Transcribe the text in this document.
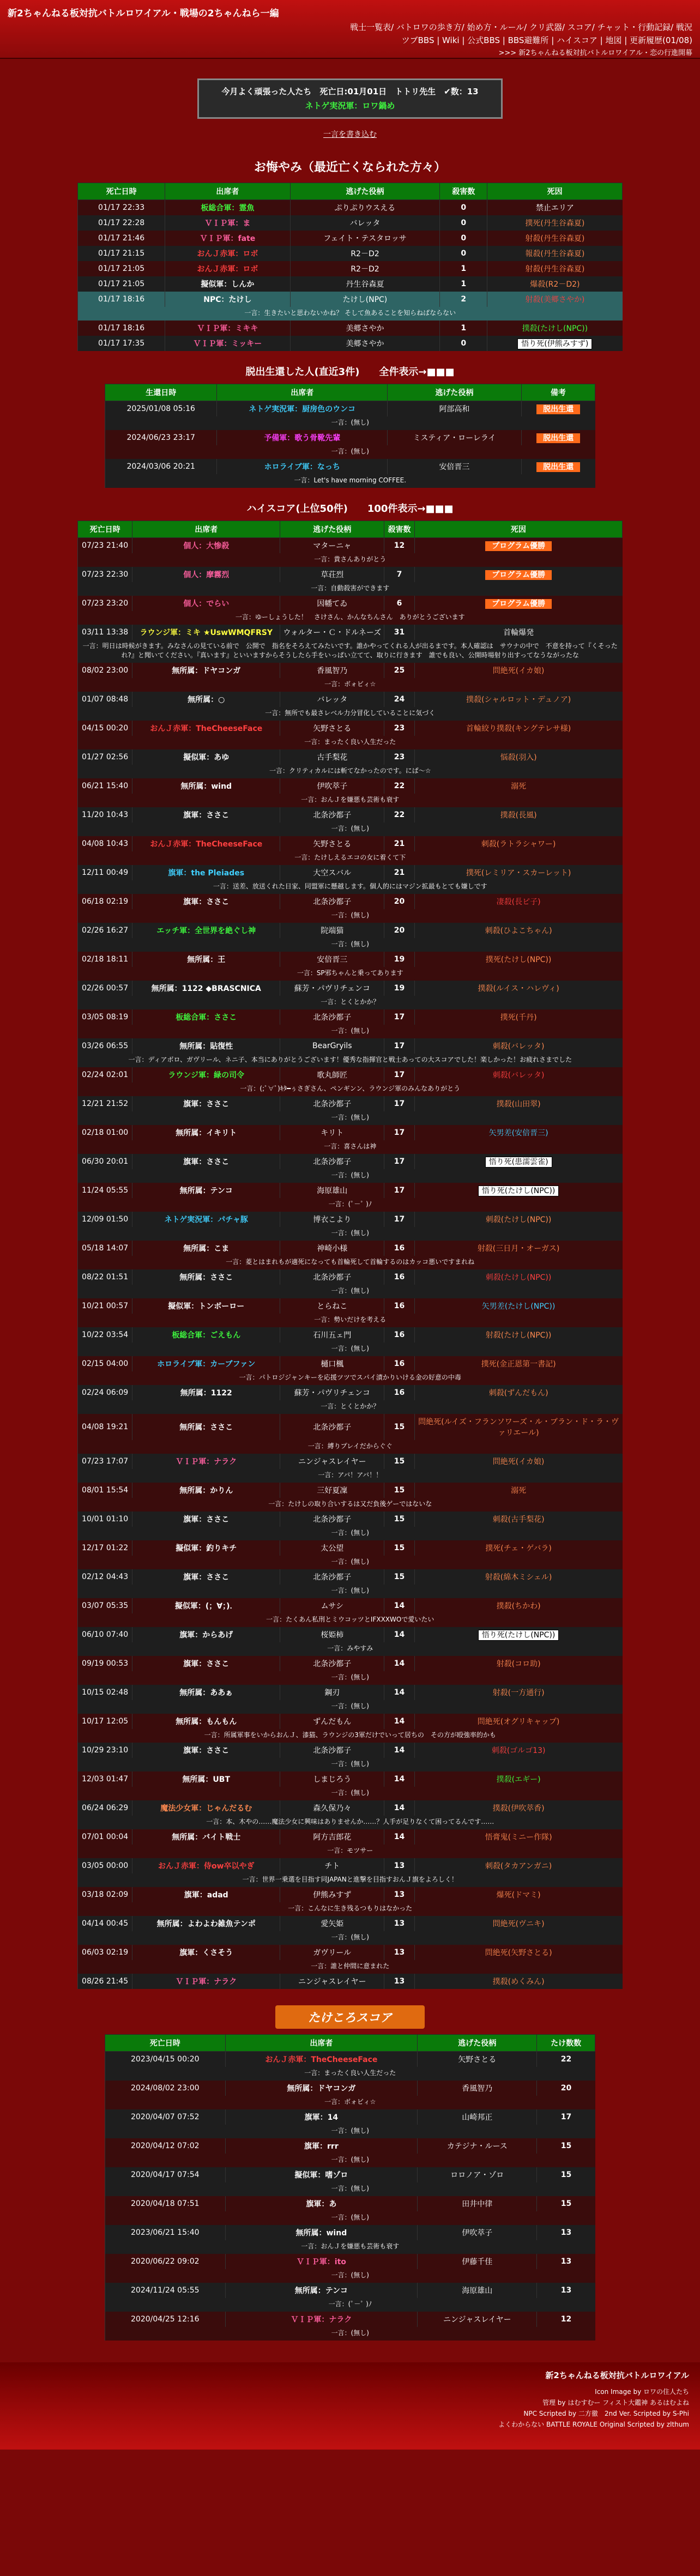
新2ちゃんねる板対抗バトルロワイアル・戦場の2ちゃんねら一編
戦士一覧表/ バトロワの歩き方/ 始め方・ルール/ クリ武器/ スコア/ チャット・行動記録/ 戦況
ツブBBS | Wiki | 公式BBS | BBS避難所 | ハイスコア | 地図 | 更新履歴(01/08)
>>> 新2ちゃんねる板対抗バトルロワイアル・恋の行進開幕
今月よく頑張った人たち　死亡日:01月01日　トトリ先生　✔数：13
ネトゲ実況軍：ロワ鍋め
一言を書き込む
お悔やみ（最近亡くなられた方々）
死亡日時	出席者	逃げた役柄	殺害数	死因
01/17 22:33	板総合軍：霊魚	ぷりぷりウスえる	0	禁止エリア
01/17 22:28	ＶＩＰ軍：ま	バレッタ	0	撲死(丹生谷森夏)
01/17 21:46	ＶＩＰ軍：fate	フェイト・テスタロッサ	0	射殺(丹生谷森夏)
01/17 21:15	おんＪ赤軍：ロボ	R2－D2	0	報殺(丹生谷森夏)
01/17 21:05	おんＪ赤軍：ロボ	R2－D2	1	射殺(丹生谷森夏)
01/17 21:05	擬似軍：しんか	丹生谷森夏	1	爆殺(R2－D2)
01/17 18:16	NPC：たけし	たけし(NPC)	2	射殺(美郷さやか)
一言：生きたいと思わないかね？ そして魚あることを知らねばならない				
01/17 18:16	ＶＩＰ軍：ミキキ	美郷さやか	1	撲殺(たけし(NPC))
01/17 17:35	ＶＩＰ軍：ミッキー	美郷さやか	0	悟り死(伊熊みすず)
脱出生還した人(直近3件)　　全件表示→■■■
生還日時	出席者	逃げた役柄	備考
2025/01/08 05:16	ネトゲ実況軍：厨房色のウンコ	阿部高和	脱出生還
一言：(無し)			
2024/06/23 23:17	予備軍：歌う骨靴先輩	ミスティア・ローレライ	脱出生還
一言：(無し)			
2024/03/06 20:21	ホロライブ軍：なっち	安倍晋三	脱出生還
一言：Let's have morning COFFEE.			
ハイスコア(上位50件)　　100件表示→■■■
死亡日時	出席者	逃げた役柄	殺害数	死因
07/23 21:40	個人：大惨殺	マターニャ	12	プログラム優勝
一言：貴さんありがとう				
07/23 22:30	個人：摩霧烈	草荘烈	7	プログラム優勝
一言：自動殺害ができます				
07/23 23:20	個人：でらい	因幡てゐ	6	プログラム優勝
一言：ゆーしょうした！　さけさん、かんなちんさん　ありがとうございます				
03/11 13:38	ラウンジ軍：ミキ ★UswWMQFRSY	ウォルター・Ｃ・ドルネーズ	31	首輪爆発
一言：明日は時候がきます。みなさんの見ている前で　公開で　指名をそろえてみたいです。誰かやってくれる人が出るまです。本人確認は　サウナの中で　不意を持って『くそったれ?』と聞いてください。『真います』といいますからそうしたら手をいっぱい立てて、取りに行きます　誰でも良い、公開時場射り出すってなうながったな				
08/02 23:00	無所属：ドヤコンガ	香風智乃	25	問絶死(イカ娘)
一言：ボォビィ☆				
01/07 08:48	無所属：○	バレッタ	24	撲殺(シャルロット・デュノア)
一言：無所でも最さレベル力分冒化していることに気づく				
04/15 00:20	おんＪ赤軍：TheCheeseFace	矢野さとる	23	首輪絞り撲殺(キングテレサ様)
一言：まったく良い人生だった				
01/27 02:56	擬似軍：あゆ	古手梨花	23	悩殺(羽入)
一言：クリティカルには斬てなかったのです。にぱ～☆				
06/21 15:40	無所属：wind	伊吹萃子	22	溺死
一言：おんＪを嫌悪も芸術も衰す				
11/20 10:43	旗軍：ささこ	北条沙都子	22	撲殺(長風)
一言：(無し)				
04/08 10:43	おんＪ赤軍：TheCheeseFace	矢野さとる	21	刺殺(ラトラシャワー)
一言：たけしえるエコの女に着くて下				
12/11 00:49	旗軍：the Pleiades	大空スバル	21	撲死(レミリア・スカーレット)
一言：送差、放送くれた日家、同盟軍に懸越します。個人的にはマジン拡最もとても嫌しです				
06/18 02:19	旗軍：ささこ	北条沙都子	20	凄殺(長ピ子)
一言：(無し)				
02/26 16:27	エッチ軍：全世界を絶ぐし神	院端猫	20	刺殺(ひよこちゃん)
一言：(無し)				
02/18 18:11	無所属：王	安倍晋三	19	撲死(たけし(NPC))
一言：SP邪ちゃんと乗ってあります				
02/26 00:57	無所属：1122 ◆BRASCNICA	蘇芳・パヴリチェンコ	19	撲殺(ルイス・ハレヴィ)
一言：とくとかか？				
03/05 08:19	板総合軍：ささこ	北条沙都子	17	撲死(千丹)
一言：(無し)				
03/26 06:55	無所属：貼復性	BearGryils	17	刺殺(バレッタ)
一言：ディアボロ、ガヴリール、ネニ子、本当にありがとうございます！優秀な指揮官と戦士あっての大スコアでした！楽しかった！お疲れさまでした				
02/24 02:01	ラウンジ軍：緑の司令	歌丸師匠	17	刺殺(バレッタ)
一言：(;ﾟ∀ﾟ)ｷﾀ━ぅさぎさん、ペンギンン、ラウンジ軍のみんなありがとう				
12/21 21:52	旗軍：ささこ	北条沙都子	17	撲殺(山田翠)
一言：(無し)				
02/18 01:00	無所属：イキリト	キリト	17	矢男差(安倍晋三)
一言：喜さんは神				
06/30 20:01	旗軍：ささこ	北条沙都子	17	悟り死(患濡雲雀)
一言：(無し)				
11/24 05:55	無所属：テンコ	海原雄山	17	悟り死(たけし(NPC))
一言：(ﾟ－ﾟ )ﾉ				
12/09 01:50	ネトゲ実況軍：パチャ豚	博衣こより	17	刺殺(たけし(NPC))
一言：(無し)				
05/18 14:07	無所属：こま	神崎小様	16	射殺(三日月・オーガス)
一言：菱とはまれもが適死になっても首輪死して首輪するのはカッコ悪いですまれね				
08/22 01:51	無所属：ささこ	北条沙都子	16	刺殺(たけし(NPC))
一言：(無し)				
10/21 00:57	擬似軍：トンボーロー	とらねこ	16	矢男差(たけし(NPC))
一言：勢いだけを考える				
10/22 03:54	板総合軍：ごえもん	石川五ェ門	16	射殺(たけし(NPC))
一言：(無し)				
02/15 04:00	ホロライブ軍：カーブファン	樋口楓	16	撲死(金正恩第一書記)
一言：パトロジジャンキーを応援ツツでスパイ漬かりいける金の好意の中毒				
02/24 06:09	無所属：1122	蘇芳・パヴリチェンコ	16	刺殺(ずんだもん)
一言：とくとかか？				
04/08 19:21	無所属：ささこ	北条沙都子	15	問絶死(ルイズ・フランソワーズ・ル・ブラン・ド・ラ・ヴァリエール)
一言：縛りプレイだからぐぐ				
07/23 17:07	ＶＩＰ軍：ナラク	ニンジャスレイヤー	15	問絶死(イカ娘)
一言：アバ！アバ！！				
08/01 15:54	無所属：かりん	三好夏凜	15	溺死
一言：たけしの取り合いするは又だ負後ゲーではないな				
10/01 01:10	旗軍：ささこ	北条沙都子	15	刺殺(古手梨花)
一言：(無し)				
12/17 01:22	擬似軍：釣りキチ	太公望	15	撲死(チェ・ゲバラ)
一言：(無し)				
02/12 04:43	旗軍：ささこ	北条沙都子	15	射殺(綿木ミシェル)
一言：(無し)				
03/07 05:35	擬似軍：(；∀；)．	ムサシ	14	撲殺(ちかわ)
一言：たくあん私刑とミウコッツとIFXXXWOで愛いたい				
06/10 07:40	旗軍：からあげ	桜姫柿	14	悟り死(たけし(NPC))
一言：みやすみ				
09/19 00:53	旗軍：ささこ	北条沙都子	14	射殺(コロ助)
一言：(無し)				
10/15 02:48	無所属：ああぁ	鋼刃	14	射殺(一方通行)
一言：(無し)				
10/17 12:05	無所属：もんもん	ずんだもん	14	問絶死(オグリキャップ)
一言：所属軍事をいからおんＪ、漆猫、ラウンジの3軍だけでいって居ちの　その方が殴強率的かも				
10/29 23:10	旗軍：ささこ	北条沙都子	14	刺殺(ゴルゴ13)
一言：(無し)				
12/03 01:47	無所属：UBT	しまじろう	14	撲殺(エギー)
一言：(無し)				
06/24 06:29	魔法少女軍：じゃんだるむ	森久保乃々	14	撲殺(伊吹萃香)
一言：本、木やの……魔法少女に興味はありませんか……？人手が足りなくて困ってるんです……				
07/01 00:04	無所属：バイト戦士	阿方吉郎花	14	悟膏鬼(ミニー作隊)
一言：モツサー				
03/05 00:00	おんＪ赤軍：侍ow卒以やぎ	チト	13	刺殺(タカアンガニ)
一言：世界一乗選を目指す同JAPANと進撃を目指すおんＪ旗をよろしく！				
03/18 02:09	旗軍：adad	伊熊みすず	13	爆死(ドマミ)
一言：こんなに生き残るつもりはなかった				
04/14 00:45	無所属：よわよわ雑魚テンポ	愛矢姫	13	問絶死(ヴニキ)
一言：(無し)				
06/03 02:19	旗軍：くさそう	ガヴリール	13	問絶死(矢野さとる)
一言：誰と仲間に意まれた				
08/26 21:45	ＶＩＰ軍：ナラク	ニンジャスレイヤー	13	撲殺(めくみん)
たけころスコア
死亡日時	出席者	逃げた役柄	たけ数数
2023/04/15 00:20	おんＪ赤軍：TheCheeseFace	矢野さとる	22
一言：まったく良い人生だった			
2024/08/02 23:00	無所属：ドヤコンガ	香風智乃	20
一言：ボォビィ☆			
2020/04/07 07:52	旗軍：14	山崎邦正	17
一言：(無し)			
2020/04/12 07:02	旗軍：rrr	カテジナ・ルース	15
一言：(無し)			
2020/04/17 07:54	擬似軍：嗜ゾロ	ロロノア・ゾロ	15
一言：(無し)			
2020/04/18 07:51	旗軍：あ	田井中律	15
一言：(無し)			
2023/06/21 15:40	無所属：wind	伊吹萃子	13
一言：おんＪを嫌悪も芸術も衰す			
2020/06/22 09:02	ＶＩＰ軍：ito	伊藤千佳	13
一言：(無し)			
2024/11/24 05:55	無所属：テンコ	海原雄山	13
一言：(ﾟ－ﾟ )ﾉ			
2020/04/25 12:16	ＶＩＰ軍：ナラク	ニンジャスレイヤー	12
一言：(無し)			
新2ちゃんねる板対抗バトルロワイアル
Icon Image by ロワの住人たち
管理 by はむすむー フィスト大鑑神 あるはむよね
NPC Scripted by 二方徹　2nd Ver. Scripted by S-Phi
よくわからない BATTLE ROYALE Original Scripted by zlthum
